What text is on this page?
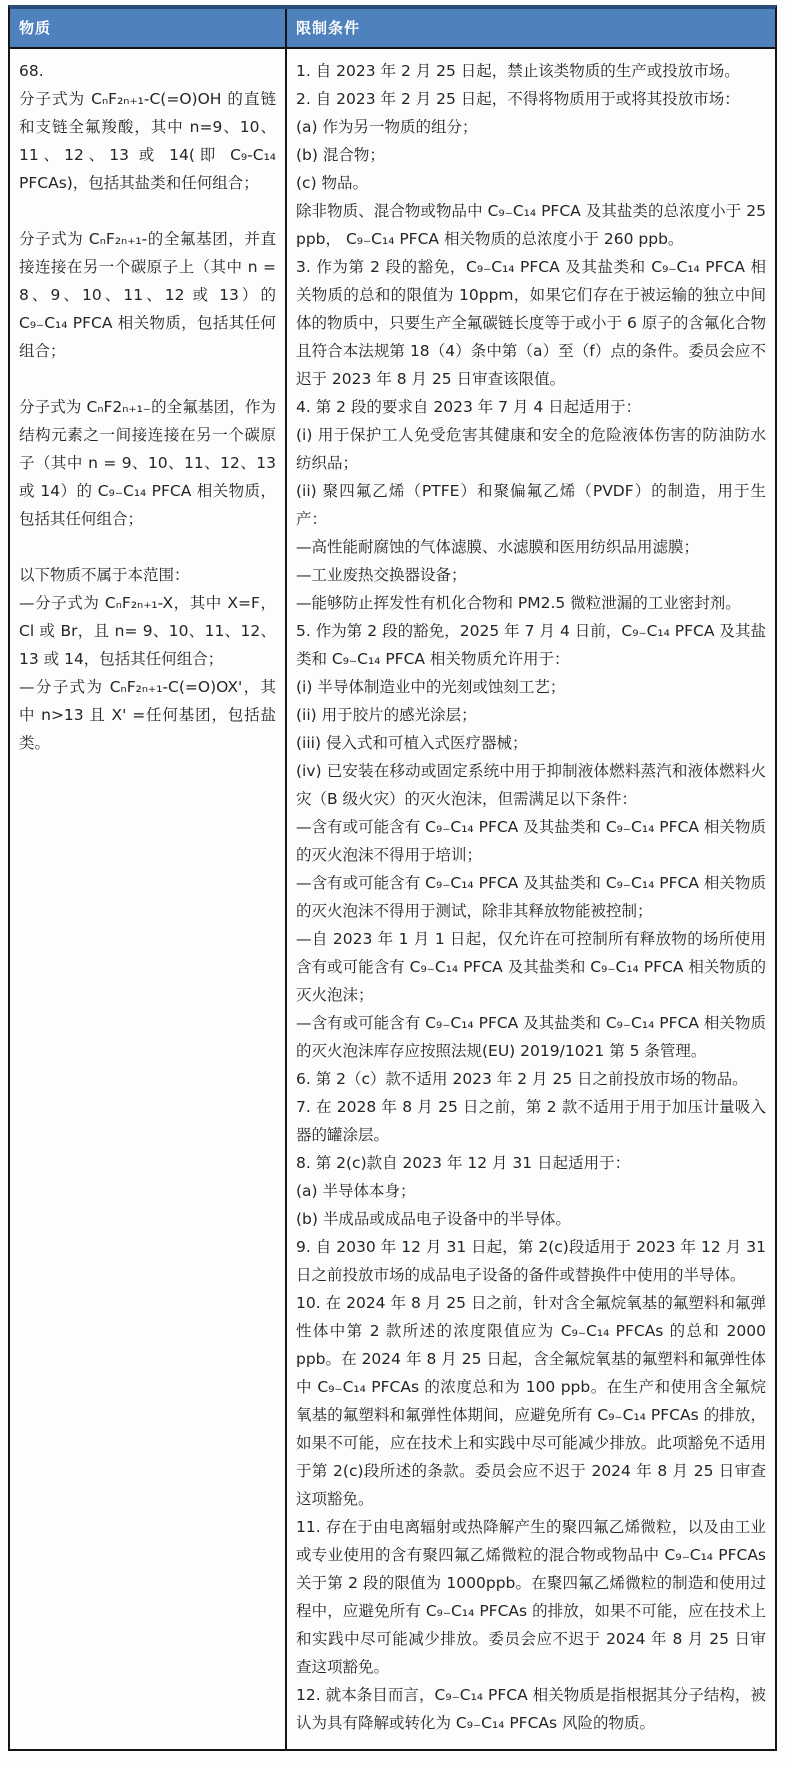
物质	限制条件

68.

分子式为 CₙF₂ₙ₊₁-C(=O)OH 的直链和支链全氟羧酸，其中 n=9、10、11、12、13 或 14(即 C₉-C₁₄ PFCAs)，包括其盐类和任何组合；

分子式为 CₙF₂ₙ₊₁-的全氟基团，并直接连接在另一个碳原子上（其中 n = 8、9、10、11、12 或 13）的 C₉₋C₁₄ PFCA 相关物质，包括其任何组合；

分子式为 CₙF2ₙ₊₁₋的全氟基团，作为结构元素之一间接连接在另一个碳原子（其中 n = 9、10、11、12、13 或 14）的 C₉₋C₁₄ PFCA 相关物质，包括其任何组合；

以下物质不属于本范围：

—分子式为 CₙF₂ₙ₊₁-X，其中 X=F，Cl 或 Br，且 n= 9、10、11、12、13 或 14，包括其任何组合；

—分子式为 CₙF₂ₙ₊₁-C(=O)OX'，其中 n>13 且 X' =任何基团，包括盐类。

1. 自 2023 年 2 月 25 日起，禁止该类物质的生产或投放市场。

2. 自 2023 年 2 月 25 日起，不得将物质用于或将其投放市场：

(a) 作为另一物质的组分；

(b) 混合物；

(c) 物品。

除非物质、混合物或物品中 C₉₋C₁₄ PFCA 及其盐类的总浓度小于 25 ppb， C₉₋C₁₄ PFCA 相关物质的总浓度小于 260 ppb。

3. 作为第 2 段的豁免，C₉₋C₁₄ PFCA 及其盐类和 C₉₋C₁₄ PFCA 相关物质的总和的限值为 10ppm，如果它们存在于被运输的独立中间体的物质中，只要生产全氟碳链长度等于或小于 6 原子的含氟化合物且符合本法规第 18（4）条中第（a）至（f）点的条件。委员会应不迟于 2023 年 8 月 25 日审查该限值。

4. 第 2 段的要求自 2023 年 7 月 4 日起适用于：

(i) 用于保护工人免受危害其健康和安全的危险液体伤害的防油防水纺织品；

(ii) 聚四氟乙烯（PTFE）和聚偏氟乙烯（PVDF）的制造，用于生产：

—高性能耐腐蚀的气体滤膜、水滤膜和医用纺织品用滤膜；

—工业废热交换器设备；

—能够防止挥发性有机化合物和 PM2.5 微粒泄漏的工业密封剂。

5. 作为第 2 段的豁免，2025 年 7 月 4 日前，C₉₋C₁₄ PFCA 及其盐类和 C₉₋C₁₄ PFCA 相关物质允许用于：

(i) 半导体制造业中的光刻或蚀刻工艺；

(ii) 用于胶片的感光涂层；

(iii) 侵入式和可植入式医疗器械；

(iv) 已安装在移动或固定系统中用于抑制液体燃料蒸汽和液体燃料火灾（B 级火灾）的灭火泡沫，但需满足以下条件：

—含有或可能含有 C₉₋C₁₄ PFCA 及其盐类和 C₉₋C₁₄ PFCA 相关物质的灭火泡沫不得用于培训；

—含有或可能含有 C₉₋C₁₄ PFCA 及其盐类和 C₉₋C₁₄ PFCA 相关物质的灭火泡沫不得用于测试，除非其释放物能被控制；

—自 2023 年 1 月 1 日起，仅允许在可控制所有释放物的场所使用含有或可能含有 C₉₋C₁₄ PFCA 及其盐类和 C₉₋C₁₄ PFCA 相关物质的灭火泡沫；

—含有或可能含有 C₉₋C₁₄ PFCA 及其盐类和 C₉₋C₁₄ PFCA 相关物质的灭火泡沫库存应按照法规(EU) 2019/1021 第 5 条管理。

6. 第 2（c）款不适用 2023 年 2 月 25 日之前投放市场的物品。

7. 在 2028 年 8 月 25 日之前，第 2 款不适用于用于加压计量吸入器的罐涂层。

8. 第 2(c)款自 2023 年 12 月 31 日起适用于：

(a) 半导体本身；

(b) 半成品或成品电子设备中的半导体。

9. 自 2030 年 12 月 31 日起，第 2(c)段适用于 2023 年 12 月 31 日之前投放市场的成品电子设备的备件或替换件中使用的半导体。

10. 在 2024 年 8 月 25 日之前，针对含全氟烷氧基的氟塑料和氟弹性体中第 2 款所述的浓度限值应为 C₉₋C₁₄ PFCAs 的总和 2000 ppb。在 2024 年 8 月 25 日起，含全氟烷氧基的氟塑料和氟弹性体中 C₉₋C₁₄ PFCAs 的浓度总和为 100 ppb。在生产和使用含全氟烷氧基的氟塑料和氟弹性体期间，应避免所有 C₉₋C₁₄ PFCAs 的排放，如果不可能，应在技术上和实践中尽可能减少排放。此项豁免不适用于第 2(c)段所述的条款。委员会应不迟于 2024 年 8 月 25 日审查这项豁免。

11. 存在于由电离辐射或热降解产生的聚四氟乙烯微粒，以及由工业或专业使用的含有聚四氟乙烯微粒的混合物或物品中 C₉₋C₁₄ PFCAs 关于第 2 段的限值为 1000ppb。在聚四氟乙烯微粒的制造和使用过程中，应避免所有 C₉₋C₁₄ PFCAs 的排放，如果不可能，应在技术上和实践中尽可能减少排放。委员会应不迟于 2024 年 8 月 25 日审查这项豁免。

12. 就本条目而言，C₉₋C₁₄ PFCA 相关物质是指根据其分子结构，被认为具有降解或转化为 C₉₋C₁₄ PFCAs 风险的物质。
